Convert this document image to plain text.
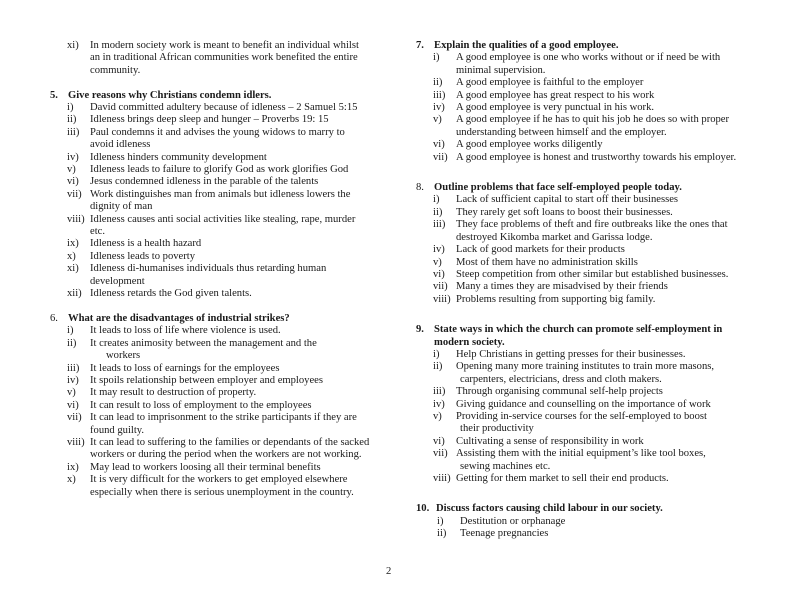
xi)	In modern society work is meant to benefit an individual whilst an in traditional African communities work benefited the entire community.
5. Give reasons why Christians condemn idlers.
i)	David committed adultery because of idleness – 2 Samuel 5:15
ii)	Idleness brings deep sleep and hunger – Proverbs 19: 15
iii)	Paul condemns it and advises the young widows to marry to avoid idleness
iv)	Idleness hinders community development
v)	Idleness leads to failure to glorify God as work glorifies God
vi)	Jesus condemned idleness in the parable of the talents
vii) Work distinguishes man from animals but idleness lowers the dignity of man
viii) Idleness causes anti social activities like stealing, rape, murder etc.
ix)	Idleness is a health hazard
x)	Idleness leads to poverty
xi)	Idleness di-humanises individuals thus retarding human development
xii) Idleness retards the God given talents.
6. What are the disadvantages of industrial strikes?
i)	It leads to loss of life where violence is used.
ii)	It creates animosity between the management and the
workers
iii)	It leads to loss of earnings for the employees
iv)	It spoils relationship between employer and employees
v)	It may result to destruction of property.
vi)	It can result to loss of employment to the employees
vii) It can lead to imprisonment to the strike participants if they are found guilty.
viii) It can lead to suffering to the families or dependants of the sacked workers or during the period when the workers are not working.
ix)	May lead to workers loosing all their terminal benefits
x)	It is very difficult for the workers to get employed elsewhere especially when there is serious unemployment in the country.
7. Explain the qualities of a good employee.
i)	A good employee is one who works without or if need be with minimal supervision.
ii)	A good employee is faithful to the employer
iii)	A good employee has great respect to his work
iv)	A good employee is very punctual in his work.
v)	A good employee if he has to quit his job he does so with proper understanding between himself and the employer.
vi)	A good employee works diligently
vii) A good employee is honest and trustworthy towards his employer.
8. Outline problems that face self-employed people today.
i)	Lack of sufficient capital to start off their businesses
ii)	They rarely get soft loans to boost their businesses.
iii)	They face problems of theft and fire outbreaks like the ones that destroyed Kikomba market and Garissa lodge.
iv)	Lack of good markets for their products
v)	Most of them have no administration skills
vi)	Steep competition from other similar but established businesses.
vii) Many a times they are misadvised by their friends
viii) Problems resulting from supporting big family.
9. State ways in which the church can promote self-employment in modern society.
i)	Help Christians in getting presses for their businesses.
ii)	Opening many more training institutes to train more masons,
carpenters, electricians, dress and cloth makers.
iii)	Through organising communal self-help projects
iv)	Giving guidance and counselling on the importance of work
v)	Providing in-service courses for the self-employed to boost
their productivity
vi)	Cultivating a sense of responsibility in work
vii) Assisting them with the initial equipment’s like tool boxes,
sewing machines etc.
viii) Getting for them market to sell their end products.
10. Discuss factors causing child labour in our society.
i)	Destitution or orphanage
ii)	Teenage pregnancies
2
